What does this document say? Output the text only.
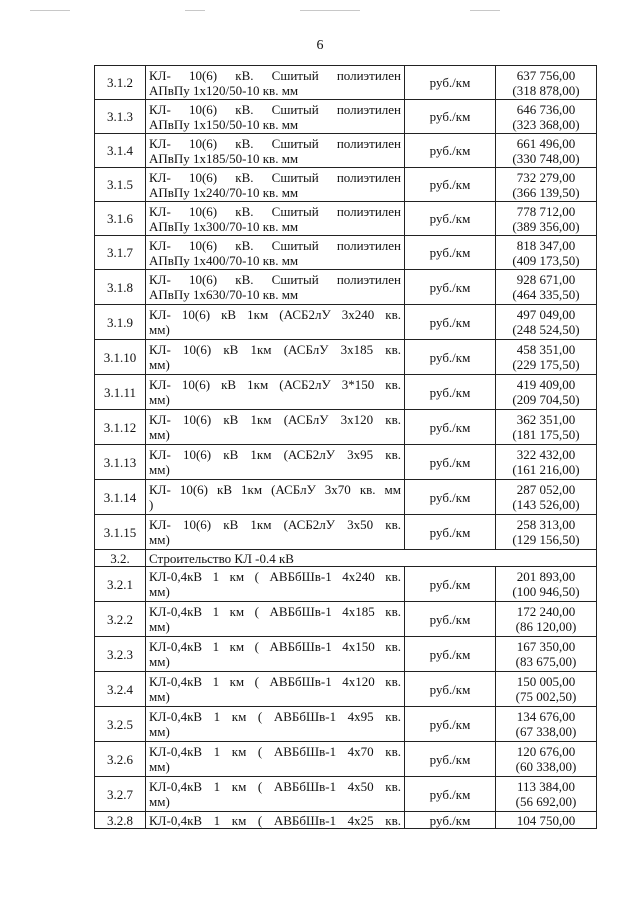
6
3.1.2	КЛ- 10(6) кВ. Сшитый полиэтилен
АПвПу 1х120/50-10 кв. мм	руб./км	637 756,00
(318 878,00)

3.1.3	КЛ- 10(6) кВ. Сшитый полиэтилен
АПвПу 1х150/50-10 кв. мм	руб./км	646 736,00
(323 368,00)

3.1.4	КЛ- 10(6) кВ. Сшитый полиэтилен
АПвПу 1х185/50-10 кв. мм	руб./км	661 496,00
(330 748,00)

3.1.5	КЛ- 10(6) кВ. Сшитый полиэтилен
АПвПу 1х240/70-10 кв. мм	руб./км	732 279,00
(366 139,50)

3.1.6	КЛ- 10(6) кВ. Сшитый полиэтилен
АПвПу 1х300/70-10 кв. мм	руб./км	778 712,00
(389 356,00)

3.1.7	КЛ- 10(6) кВ. Сшитый полиэтилен
АПвПу 1х400/70-10 кв. мм	руб./км	818 347,00
(409 173,50)

3.1.8	КЛ- 10(6) кВ. Сшитый полиэтилен
АПвПу 1х630/70-10 кв. мм	руб./км	928 671,00
(464 335,50)

3.1.9	КЛ- 10(6) кВ 1км (АСБ2лУ 3х240 кв.
мм)	руб./км	497 049,00
(248 524,50)

3.1.10	КЛ- 10(6) кВ 1км (АСБлУ 3х185 кв.
мм)	руб./км	458 351,00
(229 175,50)

3.1.11	КЛ- 10(6) кВ 1км (АСБ2лУ 3*150 кв.
мм)	руб./км	419 409,00
(209 704,50)

3.1.12	КЛ- 10(6) кВ 1км (АСБлУ 3х120 кв.
мм)	руб./км	362 351,00
(181 175,50)

3.1.13	КЛ- 10(6) кВ 1км (АСБ2лУ 3х95 кв.
мм)	руб./км	322 432,00
(161 216,00)

3.1.14	КЛ- 10(6) кВ 1км (АСБлУ 3х70 кв. мм
)	руб./км	287 052,00
(143 526,00)

3.1.15	КЛ- 10(6) кВ 1км (АСБ2лУ 3х50 кв.
мм)	руб./км	258 313,00
(129 156,50)

3.2.	Строительство КЛ -0.4 кВ		
3.2.1	КЛ-0,4кВ 1 км ( АВБбШв-1 4х240 кв.
мм)	руб./км	201 893,00
(100 946,50)

3.2.2	КЛ-0,4кВ 1 км ( АВБбШв-1 4х185 кв.
мм)	руб./км	172 240,00
(86 120,00)

3.2.3	КЛ-0,4кВ 1 км ( АВБбШв-1 4х150 кв.
мм)	руб./км	167 350,00
(83 675,00)

3.2.4	КЛ-0,4кВ 1 км ( АВБбШв-1 4х120 кв.
мм)	руб./км	150 005,00
(75 002,50)

3.2.5	КЛ-0,4кВ 1 км ( АВБбШв-1 4х95 кв.
мм)	руб./км	134 676,00
(67 338,00)

3.2.6	КЛ-0,4кВ 1 км ( АВБбШв-1 4х70 кв.
мм)	руб./км	120 676,00
(60 338,00)

3.2.7	КЛ-0,4кВ 1 км ( АВБбШв-1 4х50 кв.
мм)	руб./км	113 384,00
(56 692,00)

3.2.8	КЛ-0,4кВ 1 км ( АВБбШв-1 4х25 кв.	руб./км	104 750,00
